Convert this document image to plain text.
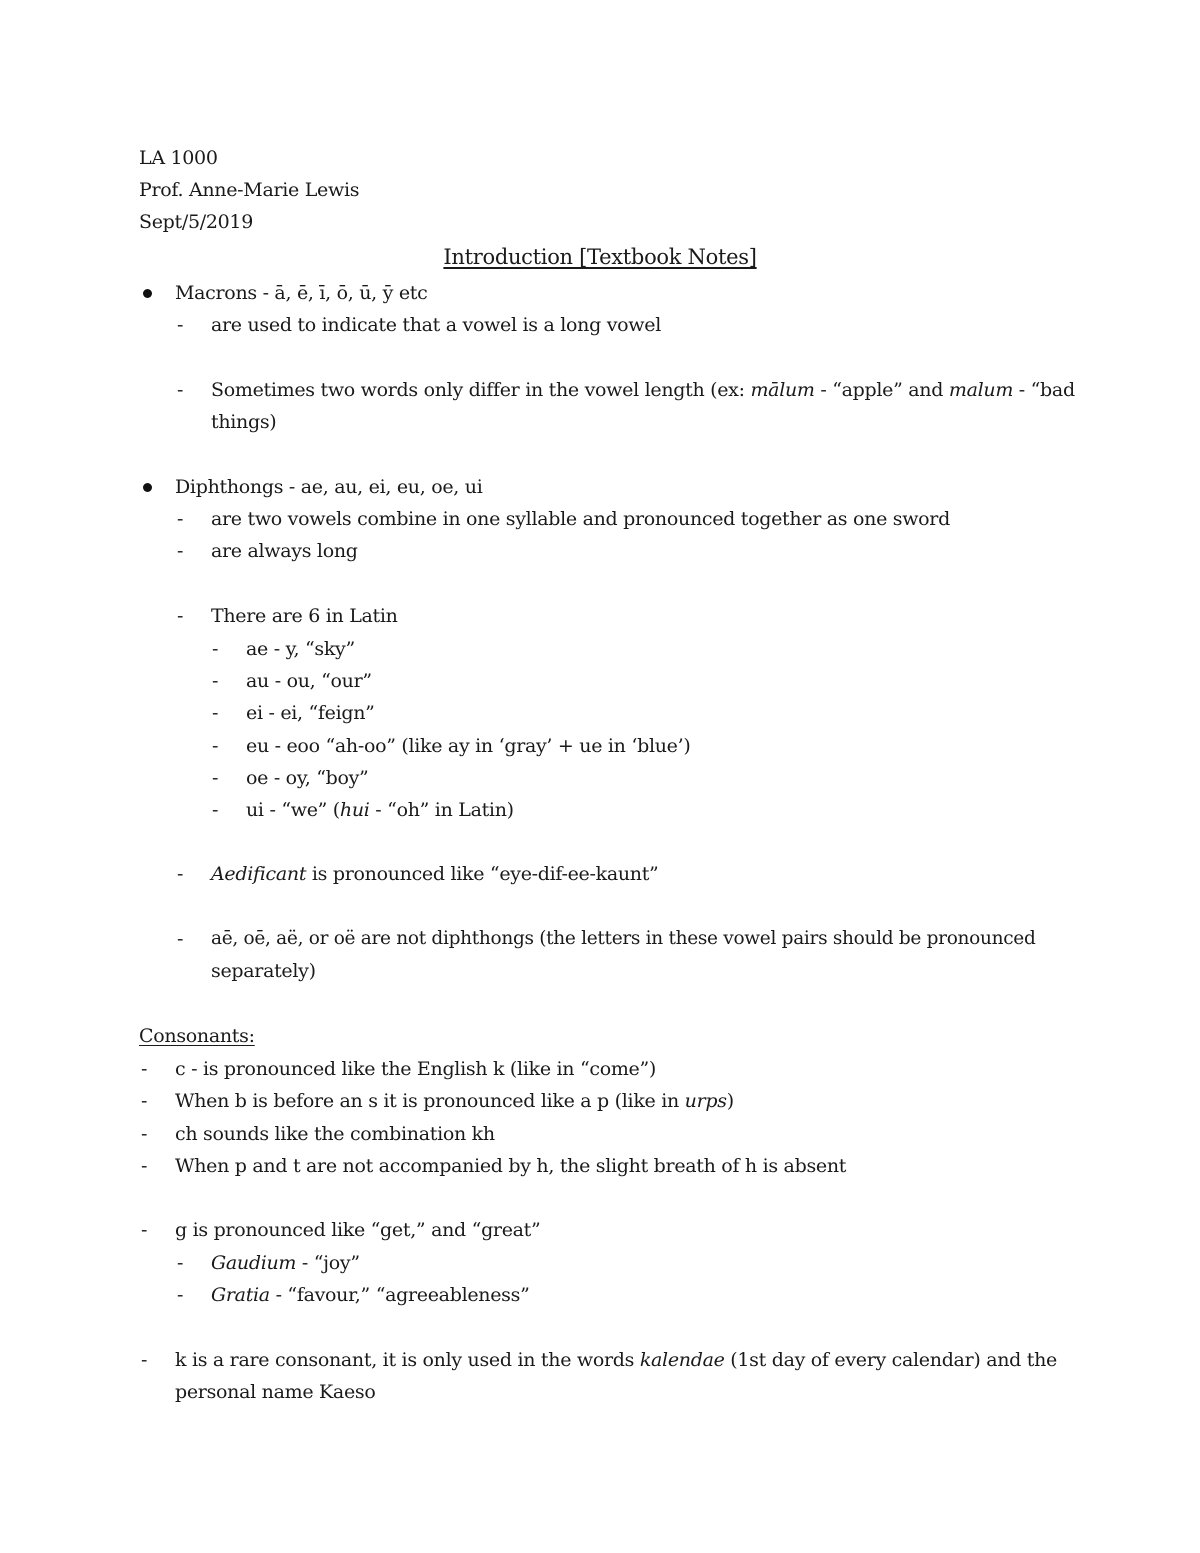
LA 1000
Prof. Anne-Marie Lewis
Sept/5/2019
Introduction [Textbook Notes]
Macrons - ā, ē, ī, ō, ū, ȳ etc
- are used to indicate that a vowel is a long vowel
- Sometimes two words only differ in the vowel length (ex: mālum - “apple” and malum - “bad
things)
Diphthongs - ae, au, ei, eu, oe, ui
- are two vowels combine in one syllable and pronounced together as one sword
- are always long
- There are 6 in Latin
- ae - y, “sky”
- au - ou, “our”
- ei - ei, “feign”
- eu - eoo “ah-oo” (like ay in ‘gray’ + ue in ‘blue’)
- oe - oy, “boy”
- ui - “we” (hui - “oh” in Latin)
- Aedificant is pronounced like “eye-dif-ee-kaunt”
- aē, oē, aë, or oë are not diphthongs (the letters in these vowel pairs should be pronounced
separately)
Consonants:
- c - is pronounced like the English k (like in “come”)
- When b is before an s it is pronounced like a p (like in urps)
- ch sounds like the combination kh
- When p and t are not accompanied by h, the slight breath of h is absent
- g is pronounced like “get,” and “great”
- Gaudium - “joy”
- Gratia - “favour,” “agreeableness”
- k is a rare consonant, it is only used in the words kalendae (1st day of every calendar) and the
personal name Kaeso
